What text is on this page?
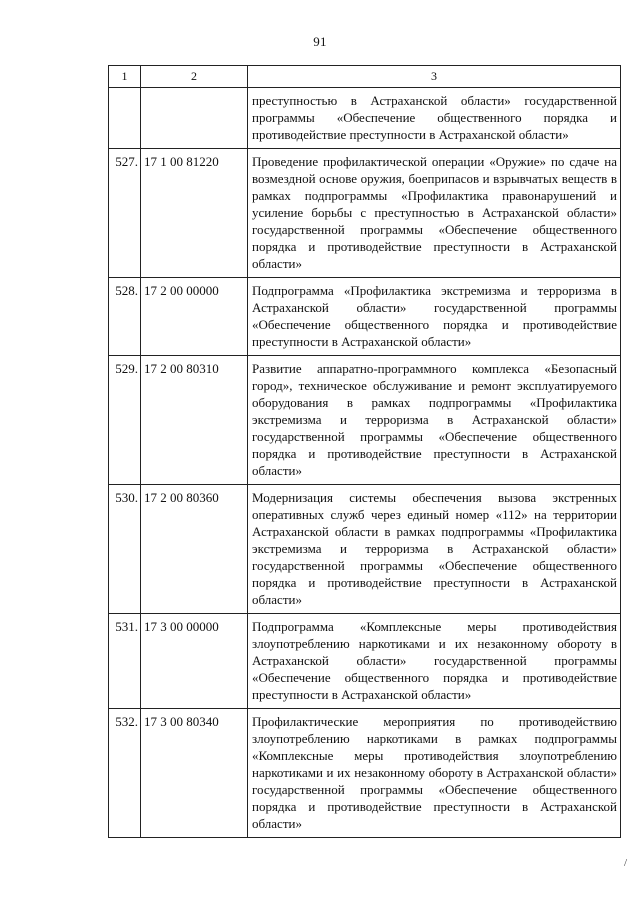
91
1	2	3
		преступностью в Астраханской области» государственной программы «Обеспечение общественного порядка и противодействие преступности в Астраханской области»
527.	17 1 00 81220	Проведение профилактической операции «Оружие» по сдаче на возмездной основе оружия, боеприпасов и взрывчатых веществ в рамках подпрограммы «Профилактика правонарушений и усиление борьбы с преступностью в Астраханской области» государственной программы «Обеспечение общественного порядка и противодействие преступности в Астраханской области»
528.	17 2 00 00000	Подпрограмма «Профилактика экстремизма и терроризма в Астраханской области» государственной программы «Обеспечение общественного порядка и противодействие преступности в Астраханской области»
529.	17 2 00 80310	Развитие аппаратно-программного комплекса «Безопасный город», техническое обслуживание и ремонт эксплуатируемого оборудования в рамках подпрограммы «Профилактика экстремизма и терроризма в Астраханской области» государственной программы «Обеспечение общественного порядка и противодействие преступности в Астраханской области»
530.	17 2 00 80360	Модернизация системы обеспечения вызова экстренных оперативных служб через единый номер «112» на территории Астраханской области в рамках подпрограммы «Профилактика экстремизма и терроризма в Астраханской области» государственной программы «Обеспечение общественного порядка и противодействие преступности в Астраханской области»
531.	17 3 00 00000	Подпрограмма «Комплексные меры противодействия злоупотреблению наркотиками и их незаконному обороту в Астраханской области» государственной программы «Обеспечение общественного порядка и противодействие преступности в Астраханской области»
532.	17 3 00 80340	Профилактические мероприятия по противодействию злоупотреблению наркотиками в рамках подпрограммы «Комплексные меры противодействия злоупотреблению наркотиками и их незаконному обороту в Астраханской области» государственной программы «Обеспечение общественного порядка и противодействие преступности в Астраханской области»
/
